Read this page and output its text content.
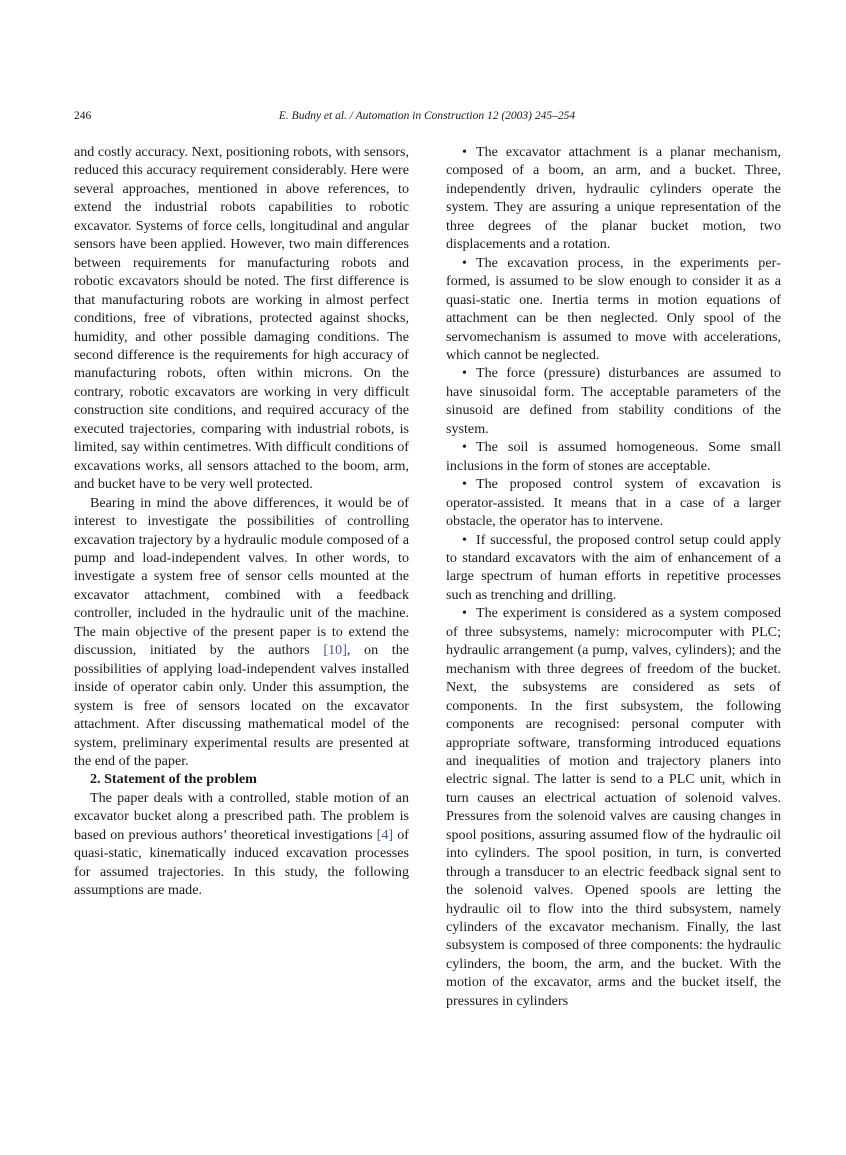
246	E. Budny et al. / Automation in Construction 12 (2003) 245–254

and costly accuracy. Next, positioning robots, with sensors, reduced this accuracy requirement considerably. Here were several approaches, mentioned in above references, to extend the industrial robots capabilities to robotic excavator. Systems of force cells, longitudinal and angular sensors have been applied. However, two main differences between requirements for manufacturing robots and robotic excavators should be noted. The first difference is that manufacturing robots are working in almost perfect conditions, free of vibrations, protected against shocks, humidity, and other possible damaging conditions. The second difference is the requirements for high accuracy of manufacturing robots, often within microns. On the contrary, robotic excavators are working in very difficult construction site conditions, and required accuracy of the executed trajectories, comparing with industrial robots, is limited, say within centimetres. With difficult conditions of excavations works, all sensors attached to the boom, arm, and bucket have to be very well protected.

Bearing in mind the above differences, it would be of interest to investigate the possibilities of controlling excavation trajectory by a hydraulic module composed of a pump and load-independent valves. In other words, to investigate a system free of sensor cells mounted at the excavator attachment, combined with a feedback controller, included in the hydraulic unit of the machine. The main objective of the present paper is to extend the discussion, initiated by the authors [10], on the possibilities of applying load-independent valves installed inside of operator cabin only. Under this assumption, the system is free of sensors located on the excavator attachment. After discussing mathematical model of the system, preliminary experimental results are presented at the end of the paper.

2. Statement of the problem

The paper deals with a controlled, stable motion of an excavator bucket along a prescribed path. The problem is based on previous authors’ theoretical investigations [4] of quasi-static, kinematically induced excavation processes for assumed trajectories. In this study, the following assumptions are made.

• The excavator attachment is a planar mechanism, composed of a boom, an arm, and a bucket. Three, independently driven, hydraulic cylinders operate the system. They are assuring a unique representation of the three degrees of the planar bucket motion, two displacements and a rotation.

• The excavation process, in the experiments performed, is assumed to be slow enough to consider it as a quasi-static one. Inertia terms in motion equations of attachment can be then neglected. Only spool of the servomechanism is assumed to move with accelerations, which cannot be neglected.

• The force (pressure) disturbances are assumed to have sinusoidal form. The acceptable parameters of the sinusoid are defined from stability conditions of the system.

• The soil is assumed homogeneous. Some small inclusions in the form of stones are acceptable.

• The proposed control system of excavation is operator-assisted. It means that in a case of a larger obstacle, the operator has to intervene.

• If successful, the proposed control setup could apply to standard excavators with the aim of enhancement of a large spectrum of human efforts in repetitive processes such as trenching and drilling.

• The experiment is considered as a system composed of three subsystems, namely: microcomputer with PLC; hydraulic arrangement (a pump, valves, cylinders); and the mechanism with three degrees of freedom of the bucket. Next, the subsystems are considered as sets of components. In the first subsystem, the following components are recognised: personal computer with appropriate software, transforming introduced equations and inequalities of motion and trajectory planers into electric signal. The latter is send to a PLC unit, which in turn causes an electrical actuation of solenoid valves. Pressures from the solenoid valves are causing changes in spool positions, assuring assumed flow of the hydraulic oil into cylinders. The spool position, in turn, is converted through a transducer to an electric feedback signal sent to the solenoid valves. Opened spools are letting the hydraulic oil to flow into the third subsystem, namely cylinders of the excavator mechanism. Finally, the last subsystem is composed of three components: the hydraulic cylinders, the boom, the arm, and the bucket. With the motion of the excavator, arms and the bucket itself, the pressures in cylinders
